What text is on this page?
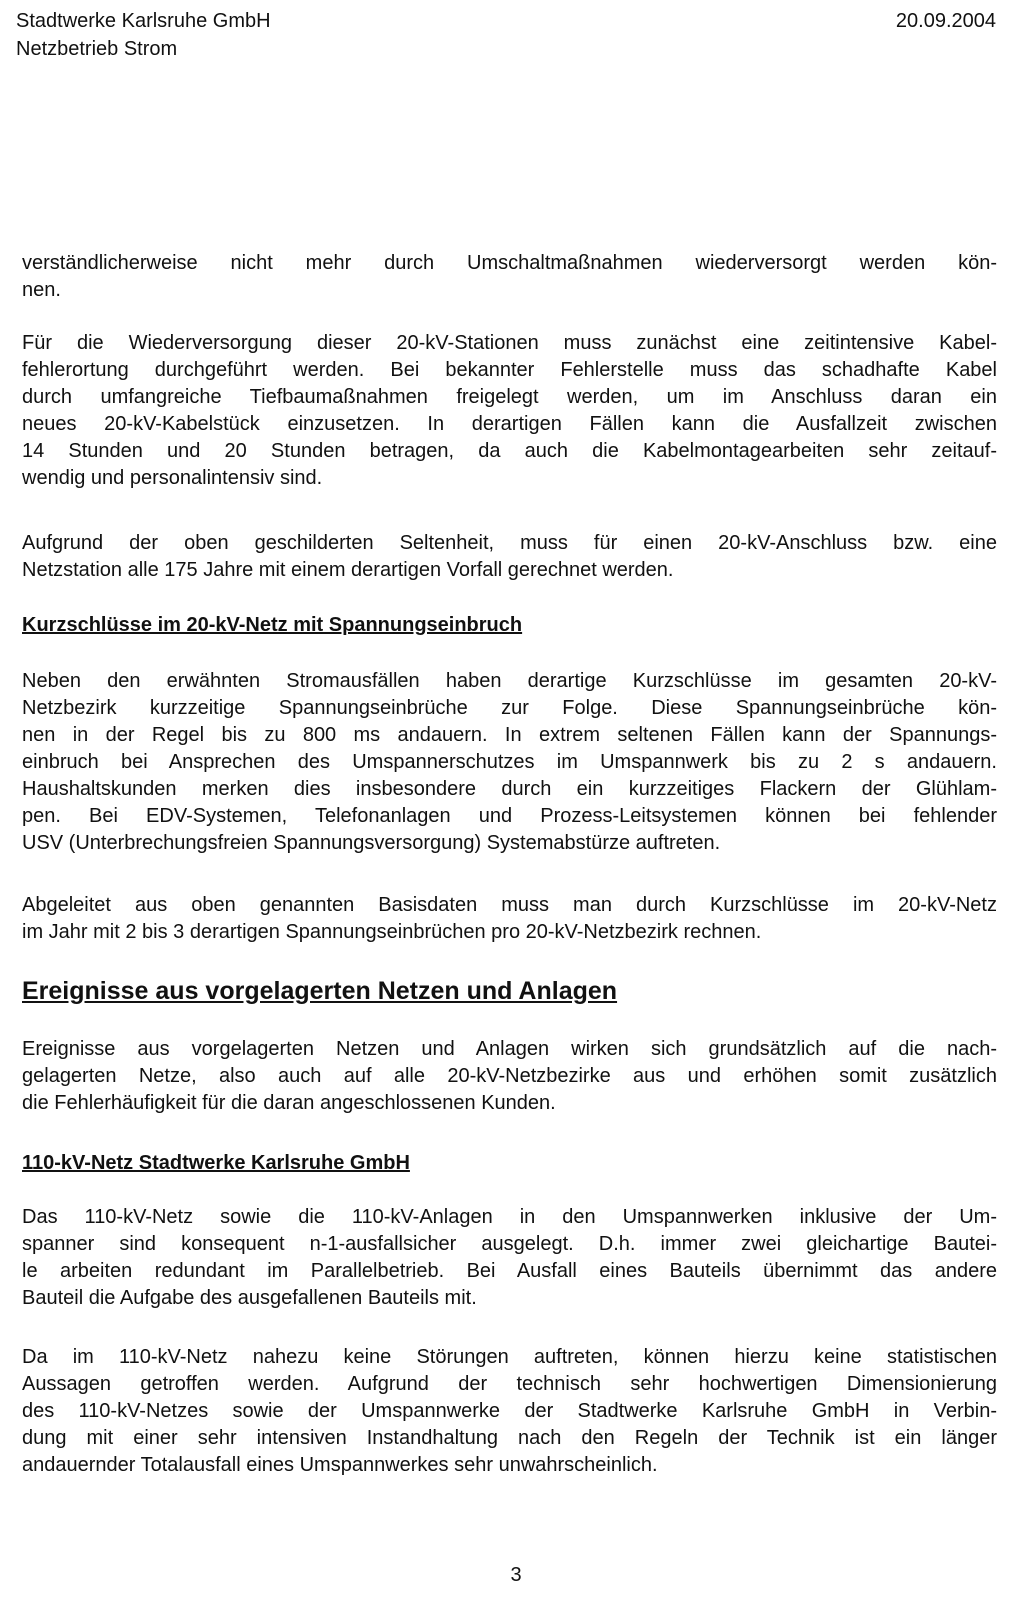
Stadtwerke Karlsruhe GmbH
Netzbetrieb Strom
20.09.2004
verständlicherweise nicht mehr durch Umschaltmaßnahmen wiederversorgt werden kön-
nen.
Für die Wiederversorgung dieser 20-kV-Stationen muss zunächst eine zeitintensive Kabel-
fehlerortung durchgeführt werden. Bei bekannter Fehlerstelle muss das schadhafte Kabel
durch umfangreiche Tiefbaumaßnahmen freigelegt werden, um im Anschluss daran ein
neues 20-kV-Kabelstück einzusetzen. In derartigen Fällen kann die Ausfallzeit zwischen
14 Stunden und 20 Stunden betragen, da auch die Kabelmontagearbeiten sehr zeitauf-
wendig und personalintensiv sind.
Aufgrund der oben geschilderten Seltenheit, muss für einen 20-kV-Anschluss bzw. eine
Netzstation alle 175 Jahre mit einem derartigen Vorfall gerechnet werden.
Kurzschlüsse im 20-kV-Netz mit Spannungseinbruch
Neben den erwähnten Stromausfällen haben derartige Kurzschlüsse im gesamten 20-kV-
Netzbezirk kurzzeitige Spannungseinbrüche zur Folge. Diese Spannungseinbrüche kön-
nen in der Regel bis zu 800 ms andauern. In extrem seltenen Fällen kann der Spannungs-
einbruch bei Ansprechen des Umspannerschutzes im Umspannwerk bis zu 2 s andauern.
Haushaltskunden merken dies insbesondere durch ein kurzzeitiges Flackern der Glühlam-
pen. Bei EDV-Systemen, Telefonanlagen und Prozess-Leitsystemen können bei fehlender
USV (Unterbrechungsfreien Spannungsversorgung) Systemabstürze auftreten.
Abgeleitet aus oben genannten Basisdaten muss man durch Kurzschlüsse im 20-kV-Netz
im Jahr mit 2 bis 3 derartigen Spannungseinbrüchen pro 20-kV-Netzbezirk rechnen.
Ereignisse aus vorgelagerten Netzen und Anlagen
Ereignisse aus vorgelagerten Netzen und Anlagen wirken sich grundsätzlich auf die nach-
gelagerten Netze, also auch auf alle 20-kV-Netzbezirke aus und erhöhen somit zusätzlich
die Fehlerhäufigkeit für die daran angeschlossenen Kunden.
110-kV-Netz Stadtwerke Karlsruhe GmbH
Das 110-kV-Netz sowie die 110-kV-Anlagen in den Umspannwerken inklusive der Um-
spanner sind konsequent n-1-ausfallsicher ausgelegt. D.h. immer zwei gleichartige Bautei-
le arbeiten redundant im Parallelbetrieb. Bei Ausfall eines Bauteils übernimmt das andere
Bauteil die Aufgabe des ausgefallenen Bauteils mit.
Da im 110-kV-Netz nahezu keine Störungen auftreten, können hierzu keine statistischen
Aussagen getroffen werden. Aufgrund der technisch sehr hochwertigen Dimensionierung
des 110-kV-Netzes sowie der Umspannwerke der Stadtwerke Karlsruhe GmbH in Verbin-
dung mit einer sehr intensiven Instandhaltung nach den Regeln der Technik ist ein länger
andauernder Totalausfall eines Umspannwerkes sehr unwahrscheinlich.
3
